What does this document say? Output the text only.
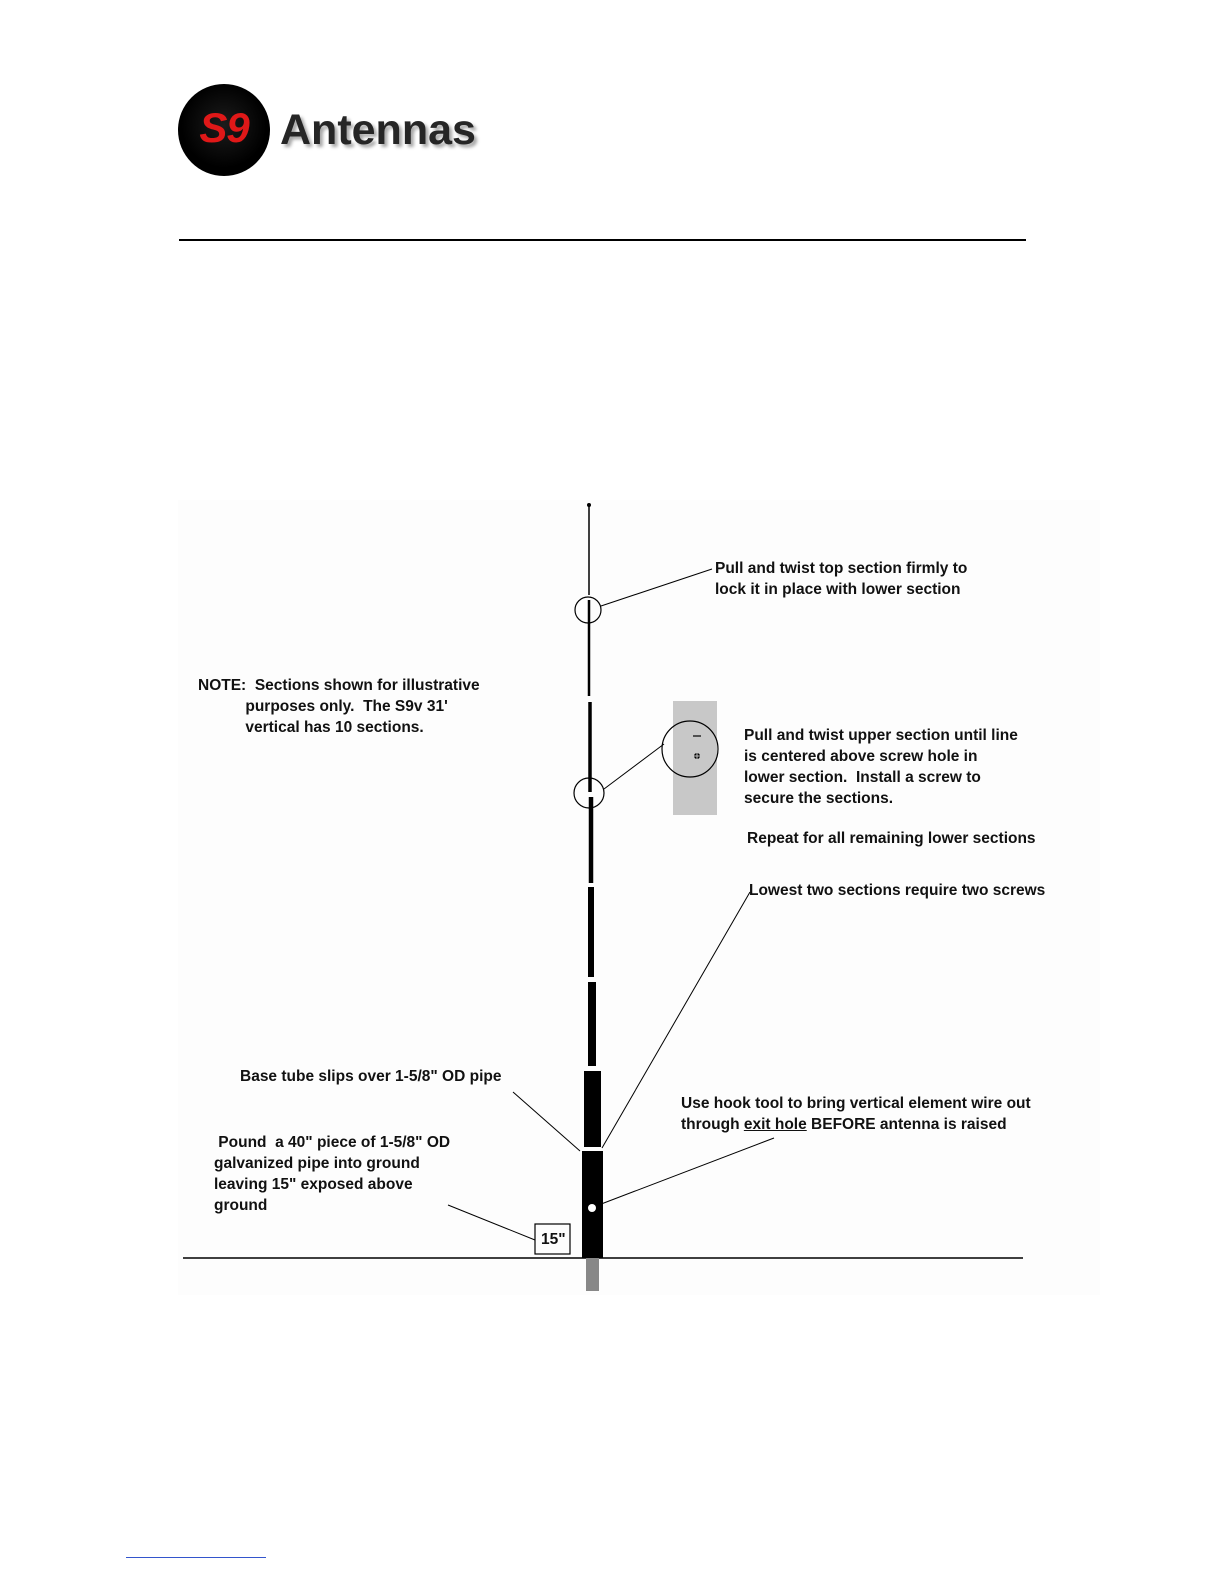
S9 Antennas
Pull and twist top section firmly to
lock it in place with lower section
NOTE:  Sections shown for illustrative
purposes only.  The S9v 31'
vertical has 10 sections.	Pull and twist upper section until line
is centered above screw hole in
lower section.  Install a screw to
secure the sections.
Repeat for all remaining lower sections
Lowest two sections require two screws
Base tube slips over 1-5/8" OD pipe
Use hook tool to bring vertical element wire out
through exit hole BEFORE antenna is raised
Pound  a 40" piece of 1-5/8" OD
galvanized pipe into ground
leaving 15" exposed above
ground
15"
